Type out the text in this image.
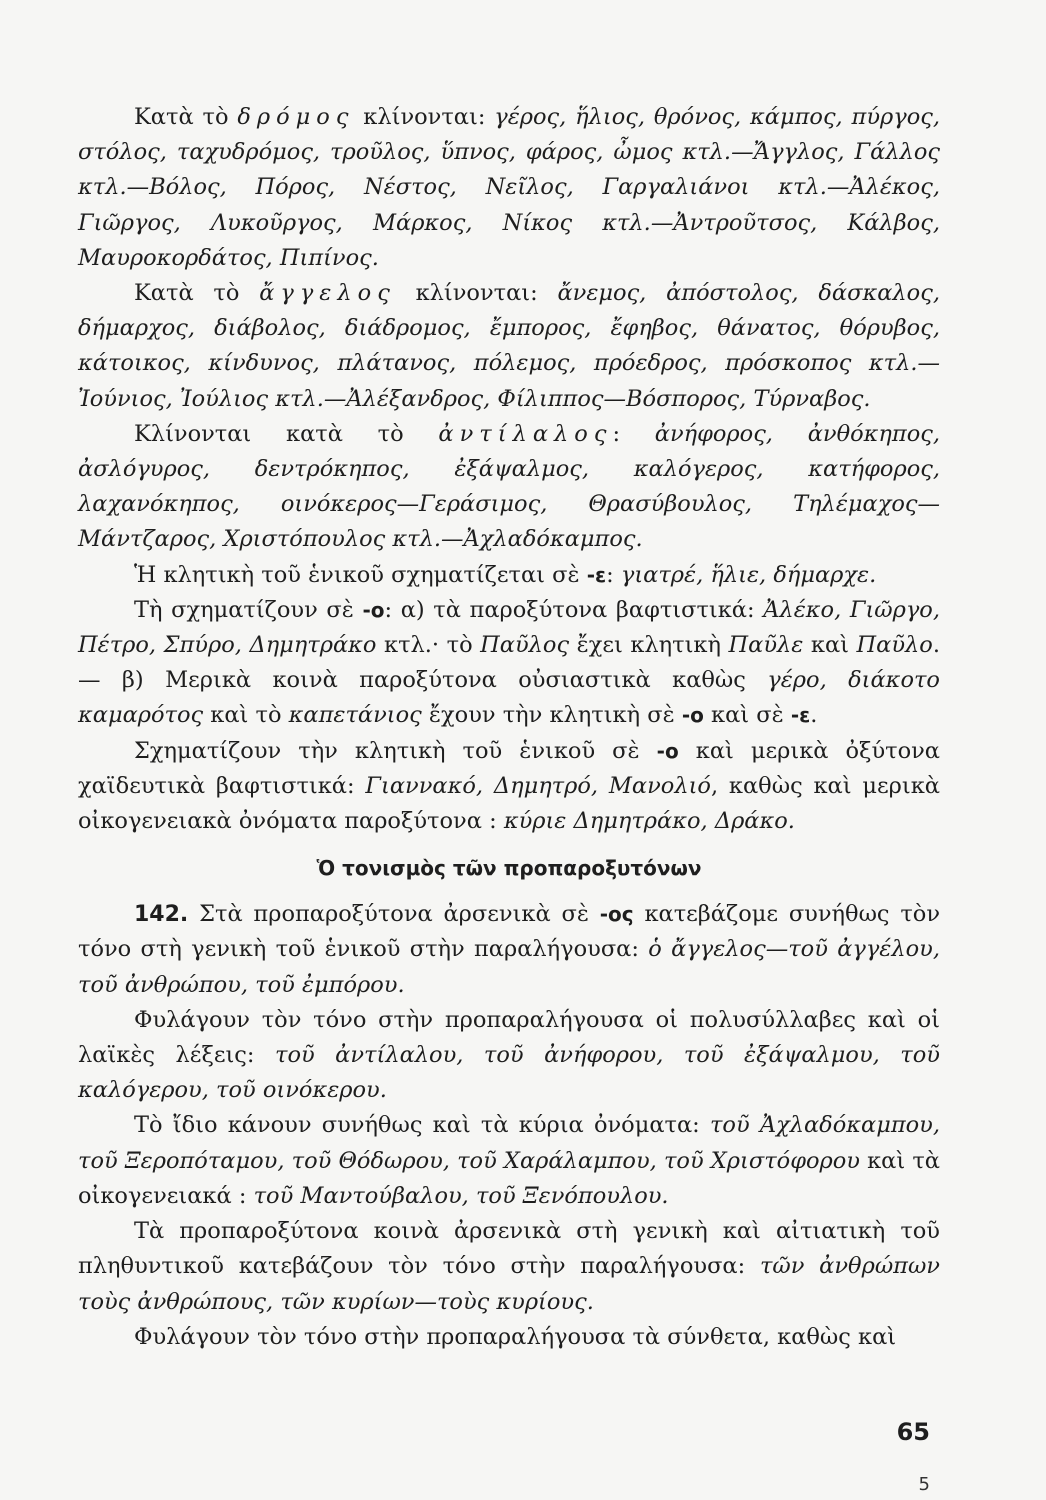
Κατὰ τὸ δρόμος κλίνονται: γέρος, ἥλιος, θρόνος, κάμπος, πύργος, στόλος, ταχυδρόμος, τροῦλος, ὕπνος, φάρος, ὦμος κτλ.—Ἄγγλος, Γάλλος κτλ.—Βόλος, Πόρος, Νέστος, Νεῖλος, Γαργαλιάνοι κτλ.—Ἀλέκος, Γιῶργος, Λυκοῦργος, Μάρκος, Νίκος κτλ.—Ἀντροῦτσος, Κάλβος, Μαυροκορδάτος, Πιπίνος.

Κατὰ τὸ ἄγγελος κλίνονται: ἄνεμος, ἀπόστολος, δάσκαλος, δήμαρχος, διάβολος, διάδρομος, ἔμπορος, ἔφηβος, θάνατος, θόρυβος, κάτοικος, κίνδυνος, πλάτανος, πόλεμος, πρόεδρος, πρόσκοπος κτλ.—Ἰούνιος, Ἰούλιος κτλ.—Ἀλέξανδρος, Φίλιππος—Βόσπορος, Τύρναβος.

Κλίνονται κατὰ τὸ ἀντίλαλος: ἀνήφορος, ἀνθόκηπος, ἀσλόγυρος, δεντρόκηπος, ἐξάψαλμος, καλόγερος, κατήφορος, λαχανόκηπος, οινόκερος—Γεράσιμος, Θρασύβουλος, Τηλέμαχος—Μάντζαρος, Χριστόπουλος κτλ.—Ἀχλαδόκαμπος.

Ἡ κλητικὴ τοῦ ἑνικοῦ σχηματίζεται σὲ -ε: γιατρέ, ἥλιε, δήμαρχε.

Τὴ σχηματίζουν σὲ -ο: α) τὰ παροξύτονα βαφτιστικά: Ἀλέκο, Γιῶργο, Πέτρο, Σπύρο, Δημητράκο κτλ.· τὸ Παῦλος ἔχει κλητικὴ Παῦλε καὶ Παῦλο.— β) Μερικὰ κοινὰ παροξύτονα οὐσιαστικὰ καθὼς γέρο, διάκοτο καμαρότος καὶ τὸ καπετάνιος ἔχουν τὴν κλητικὴ σὲ -ο καὶ σὲ -ε.

Σχηματίζουν τὴν κλητικὴ τοῦ ἑνικοῦ σὲ -ο καὶ μερικὰ ὀξύτονα χαϊδευτικὰ βαφτιστικά: Γιαννακό, Δημητρό, Μανολιό, καθὼς καὶ μερικὰ οἰκογενειακὰ ὀνόματα παροξύτονα : κύριε Δημητράκο, Δράκο.

Ὁ τονισμὸς τῶν προπαροξυτόνων

142. Στὰ προπαροξύτονα ἀρσενικὰ σὲ -ος κατεβάζομε συνήθως τὸν τόνο στὴ γενικὴ τοῦ ἑνικοῦ στὴν παραλήγουσα: ὁ ἄγγελος—τοῦ ἀγγέλου, τοῦ ἀνθρώπου, τοῦ ἐμπόρου.

Φυλάγουν τὸν τόνο στὴν προπαραλήγουσα οἱ πολυσύλλαβες καὶ οἱ λαϊκὲς λέξεις: τοῦ ἀντίλαλου, τοῦ ἀνήφορου, τοῦ ἐξάψαλμου, τοῦ καλόγερου, τοῦ οινόκερου.

Τὸ ἴδιο κάνουν συνήθως καὶ τὰ κύρια ὀνόματα: τοῦ Ἀχλαδόκαμπου, τοῦ Ξεροπόταμου, τοῦ Θόδωρου, τοῦ Χαράλαμπου, τοῦ Χριστόφορου καὶ τὰ οἰκογενειακά : τοῦ Μαντούβαλου, τοῦ Ξενόπουλου.

Τὰ προπαροξύτονα κοινὰ ἀρσενικὰ στὴ γενικὴ καὶ αἰτιατικὴ τοῦ πληθυντικοῦ κατεβάζουν τὸν τόνο στὴν παραλήγουσα: τῶν ἀνθρώπων τοὺς ἀνθρώπους, τῶν κυρίων—τοὺς κυρίους.

Φυλάγουν τὸν τόνο στὴν προπαραλήγουσα τὰ σύνθετα, καθὼς καὶ

65
5
